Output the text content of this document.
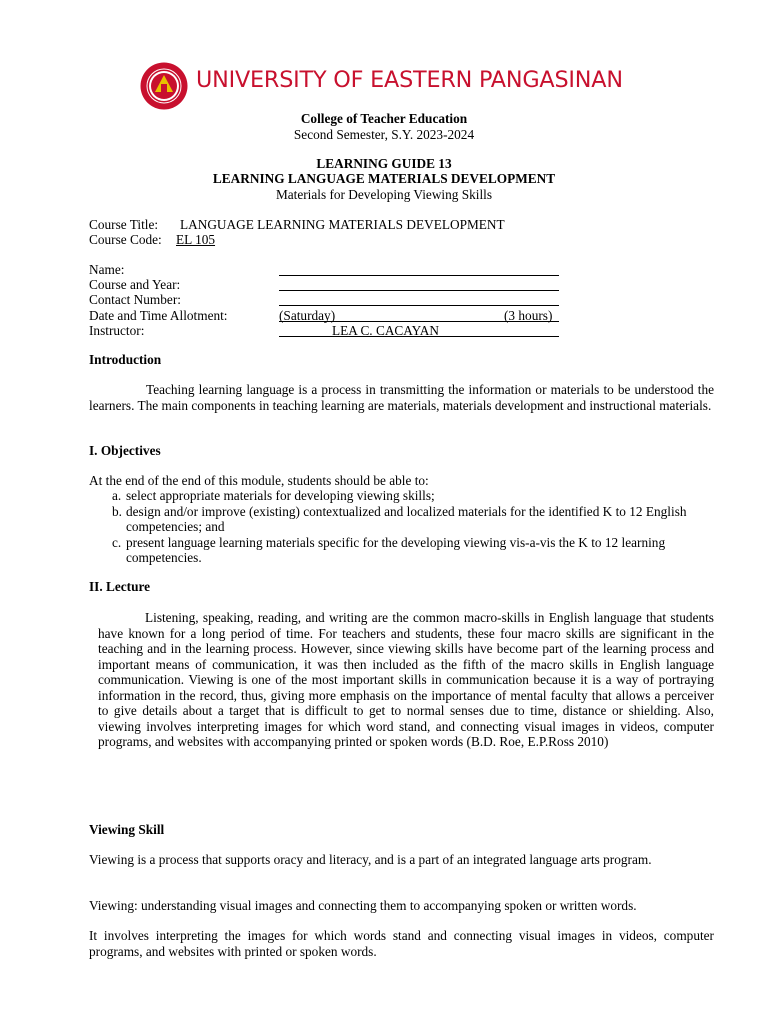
UNIVERSITY OF EASTERN PANGASINAN
College of Teacher Education
Second Semester, S.Y. 2023-2024
LEARNING GUIDE 13
LEARNING LANGUAGE MATERIALS DEVELOPMENT
Materials for Developing Viewing Skills
Course Title: LANGUAGE LEARNING MATERIALS DEVELOPMENT
Course Code: EL 105
Name:
Course and Year:
Contact Number:
Date and Time Allotment:	(Saturday)	(3 hours)
Instructor:	LEA C. CACAYAN
Introduction
Teaching learning language is a process in transmitting the information or materials to be understood the learners. The main components in teaching learning are materials, materials development and instructional materials.
I. Objectives
At the end of the end of this module, students should be able to:
a. select appropriate materials for developing viewing skills;
b. design and/or improve (existing) contextualized and localized materials for the identified K to 12 English competencies; and
c. present language learning materials specific for the developing viewing vis-a-vis the K to 12 learning competencies.
II. Lecture
Listening, speaking, reading, and writing are the common macro-skills in English language that students have known for a long period of time. For teachers and students, these four macro skills are significant in the teaching and in the learning process. However, since viewing skills have become part of the learning process and important means of communication, it was then included as the fifth of the macro skills in English language communication. Viewing is one of the most important skills in communication because it is a way of portraying information in the record, thus, giving more emphasis on the importance of mental faculty that allows a perceiver to give details about a target that is difficult to get to normal senses due to time, distance or shielding. Also, viewing involves interpreting images for which word stand, and connecting visual images in videos, computer programs, and websites with accompanying printed or spoken words (B.D. Roe, E.P.Ross 2010)
Viewing Skill
Viewing is a process that supports oracy and literacy, and is a part of an integrated language arts program.
Viewing: understanding visual images and connecting them to accompanying spoken or written words.
It involves interpreting the images for which words stand and connecting visual images in videos, computer programs, and websites with printed or spoken words.
